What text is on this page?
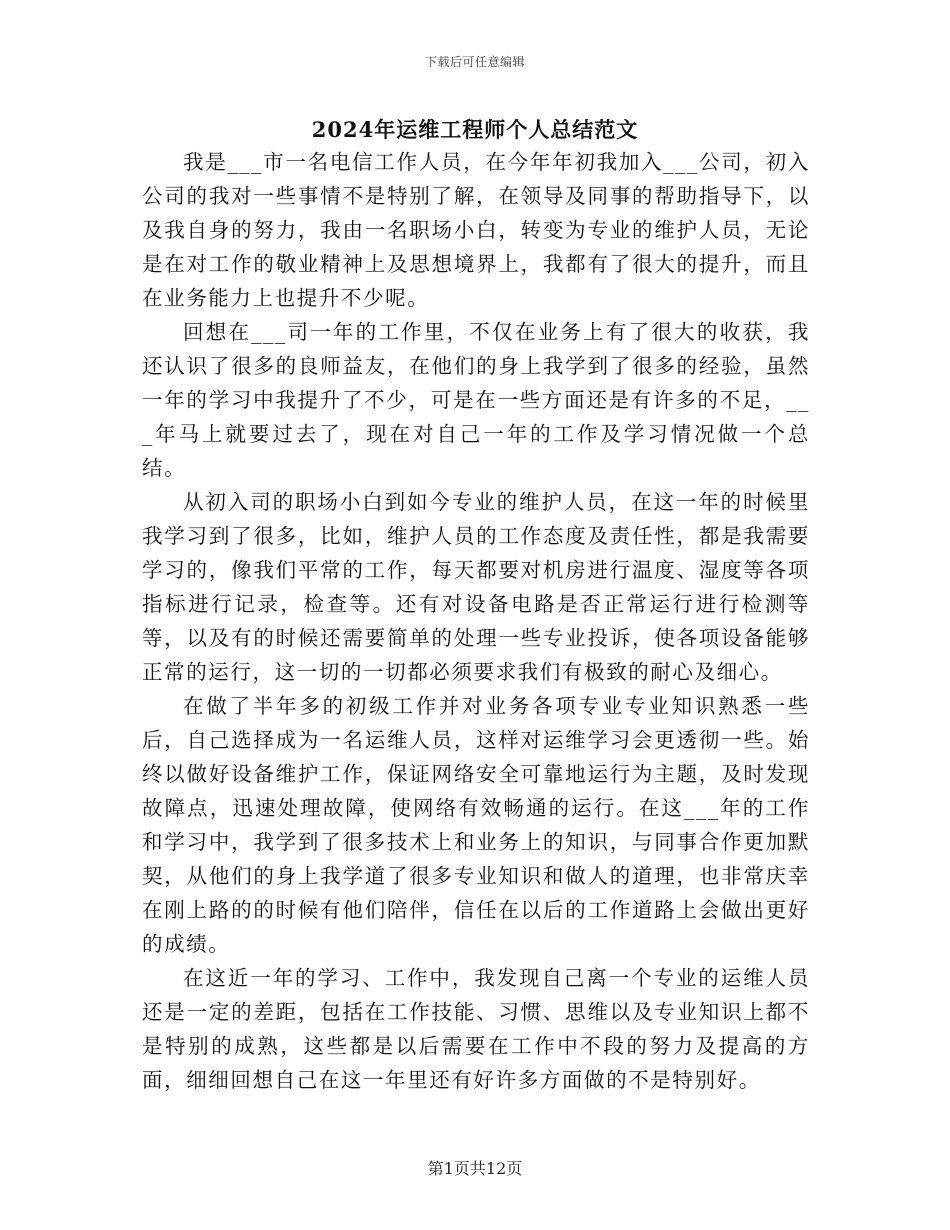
下载后可任意编辑
2024年运维工程师个人总结范文

我是___市一名电信工作人员，在今年年初我加入___公司，初入公司的我对一些事情不是特别了解，在领导及同事的帮助指导下，以及我自身的努力，我由一名职场小白，转变为专业的维护人员，无论是在对工作的敬业精神上及思想境界上，我都有了很大的提升，而且在业务能力上也提升不少呢。

回想在___司一年的工作里，不仅在业务上有了很大的收获，我还认识了很多的良师益友，在他们的身上我学到了很多的经验，虽然一年的学习中我提升了不少，可是在一些方面还是有许多的不足，___年马上就要过去了，现在对自己一年的工作及学习情况做一个总结。

从初入司的职场小白到如今专业的维护人员，在这一年的时候里我学习到了很多，比如，维护人员的工作态度及责任性，都是我需要学习的，像我们平常的工作，每天都要对机房进行温度、湿度等各项指标进行记录，检查等。还有对设备电路是否正常运行进行检测等等，以及有的时候还需要简单的处理一些专业投诉，使各项设备能够正常的运行，这一切的一切都必须要求我们有极致的耐心及细心。

在做了半年多的初级工作并对业务各项专业专业知识熟悉一些后，自己选择成为一名运维人员，这样对运维学习会更透彻一些。始终以做好设备维护工作，保证网络安全可靠地运行为主题，及时发现故障点，迅速处理故障，使网络有效畅通的运行。在这___年的工作和学习中，我学到了很多技术上和业务上的知识，与同事合作更加默契，从他们的身上我学道了很多专业知识和做人的道理，也非常庆幸在刚上路的的时候有他们陪伴，信任在以后的工作道路上会做出更好的成绩。

在这近一年的学习、工作中，我发现自己离一个专业的运维人员还是一定的差距，包括在工作技能、习惯、思维以及专业知识上都不是特别的成熟，这些都是以后需要在工作中不段的努力及提高的方面，细细回想自己在这一年里还有好许多方面做的不是特别好。

第1页共12页
